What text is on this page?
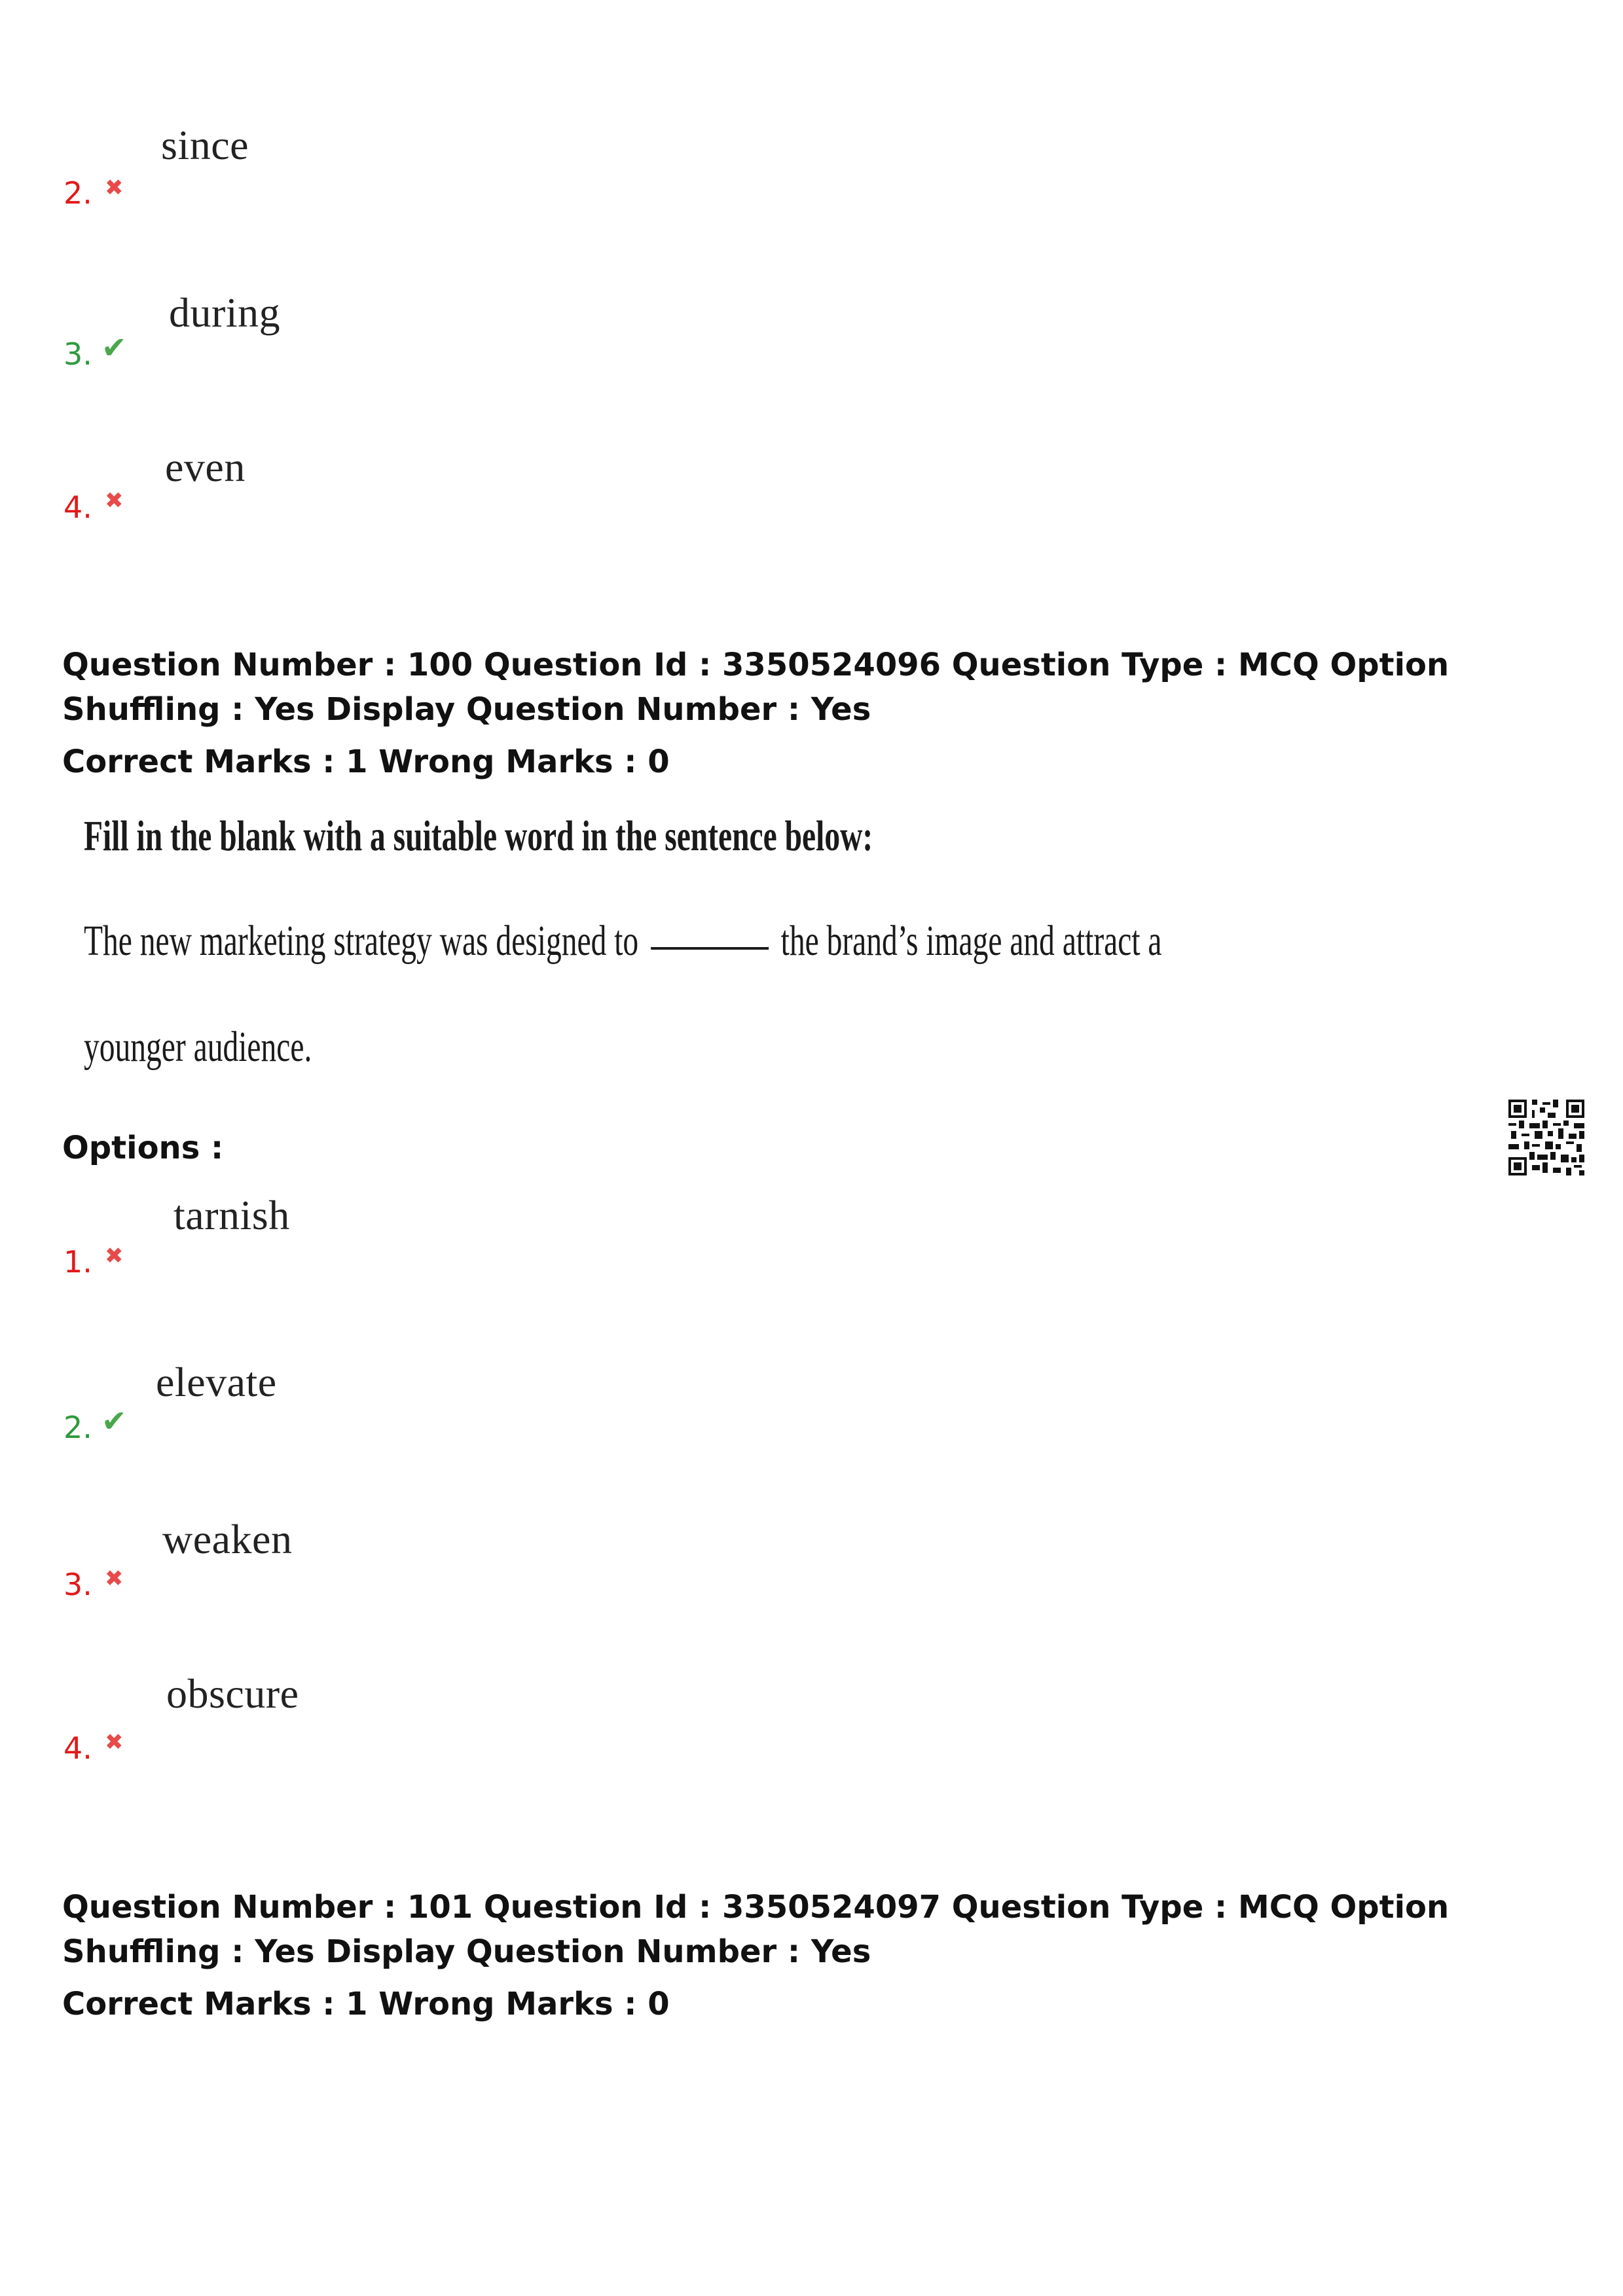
since
2. ✖
during
3. ✔
even
4. ✖
Question Number : 100 Question Id : 3350524096 Question Type : MCQ Option Shuffling : Yes Display Question Number : Yes
Correct Marks : 1 Wrong Marks : 0
Fill in the blank with a suitable word in the sentence below:
The new marketing strategy was designed to	the brand’s image and attract a
younger audience.
Options :
tarnish
1. ✖
elevate
2. ✔
weaken
3. ✖
obscure
4. ✖
Question Number : 101 Question Id : 3350524097 Question Type : MCQ Option Shuffling : Yes Display Question Number : Yes
Correct Marks : 1 Wrong Marks : 0
